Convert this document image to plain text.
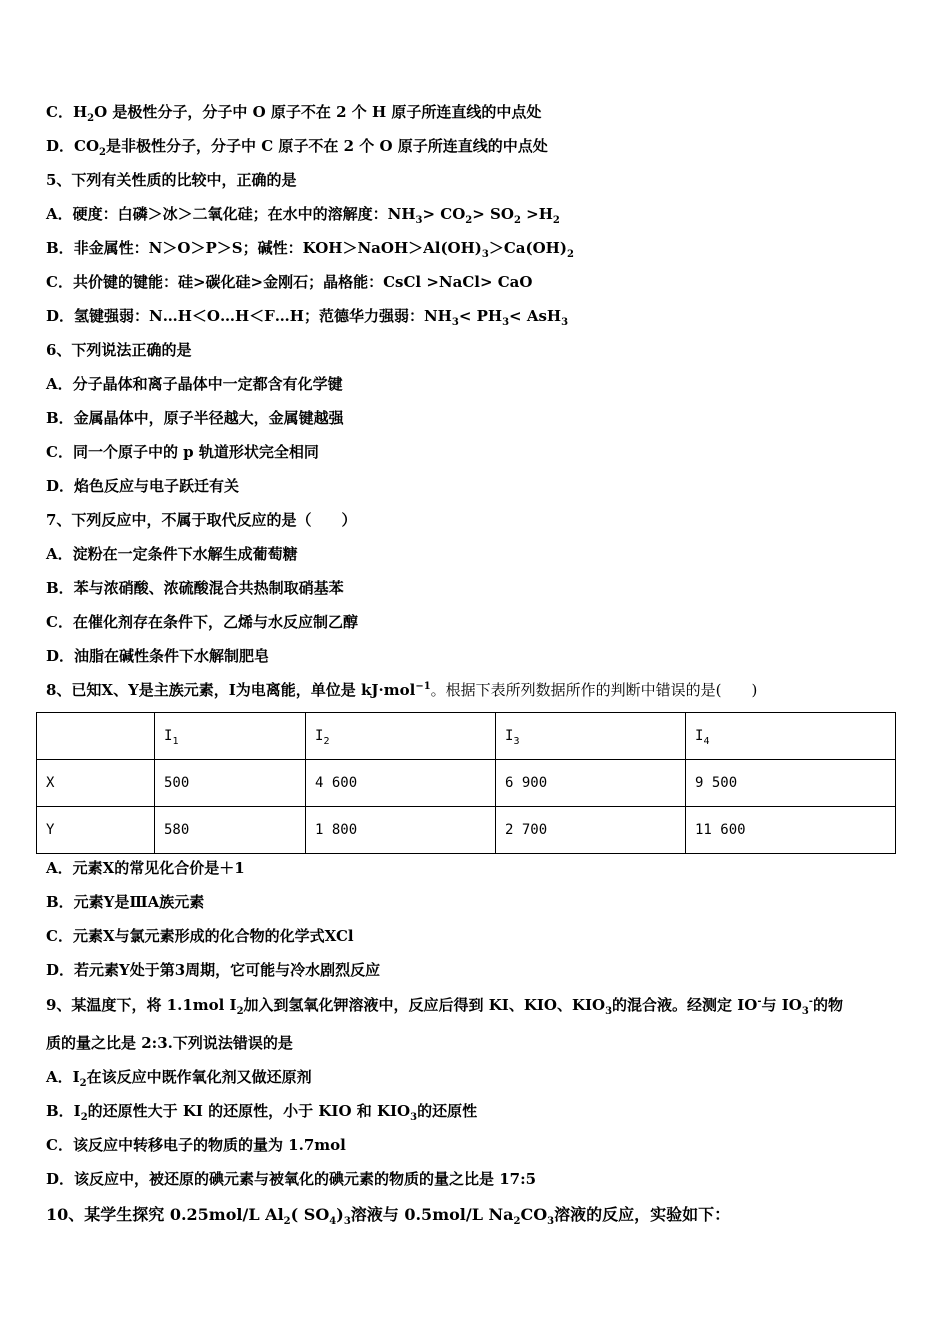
C．$H_2O$ 是极性分子，分子中 O 原子不在 2 个 H 原子所连直线的中点处
D．$CO_2$是非极性分子，分子中 C 原子不在 2 个 O 原子所连直线的中点处
5、下列有关性质的比较中，正确的是
A．硬度：白磷＞冰＞二氧化硅；在水中的溶解度：$NH_3> CO_2> SO_2 >H_2$
B．非金属性：N＞O＞P＞S；碱性：$KOH>NaOH>Al(OH)_3>Ca(OH)_2$
C．共价键的键能：硅>碳化硅>金刚石；晶格能：CsCl >NaCl> CaO
D．氢键强弱：N…H＜O…H＜F…H；范德华力强弱：$NH_3< PH_3< AsH_3$
6、下列说法正确的是
A．分子晶体和离子晶体中一定都含有化学键
B．金属晶体中，原子半径越大，金属键越强
C．同一个原子中的 p 轨道形状完全相同
D．焰色反应与电子跃迁有关
7、下列反应中，不属于取代反应的是（　　）
A．淀粉在一定条件下水解生成葡萄糖
B．苯与浓硝酸、浓硫酸混合共热制取硝基苯
C．在催化剂存在条件下，乙烯与水反应制乙醇
D．油脂在碱性条件下水解制肥皂
8、已知X、Y是主族元素，I为电离能，单位是 kJ·mol$^{-1}$。根据下表所列数据所作的判断中错误的是(　　)
	$I_1$	$I_2$	$I_3$	$I_4$
X	500	4 600	6 900	9 500
Y	580	1 800	2 700	11 600
A．元素X的常见化合价是＋1
B．元素Y是ⅢA族元素
C．元素X与氯元素形成的化合物的化学式XCl
D．若元素Y处于第3周期，它可能与冷水剧烈反应
9、某温度下，将 1.1mol $I_2$加入到氢氧化钾溶液中，反应后得到 KI、KIO、$KIO_3$的混合液。经测定 IO-与 $IO_3^-$的物
质的量之比是 2:3.下列说法错误的是
A．$I_2$在该反应中既作氧化剂又做还原剂
B．$I_2$的还原性大于 KI 的还原性，小于 KIO 和 $KIO_3$的还原性
C．该反应中转移电子的物质的量为 1.7mol
D．该反应中，被还原的碘元素与被氧化的碘元素的物质的量之比是 17:5
10、某学生探究 0.25mol/L $Al_2$( $SO_4)_3$溶液与 0.5mol/L $Na_2CO_3$溶液的反应，实验如下：
